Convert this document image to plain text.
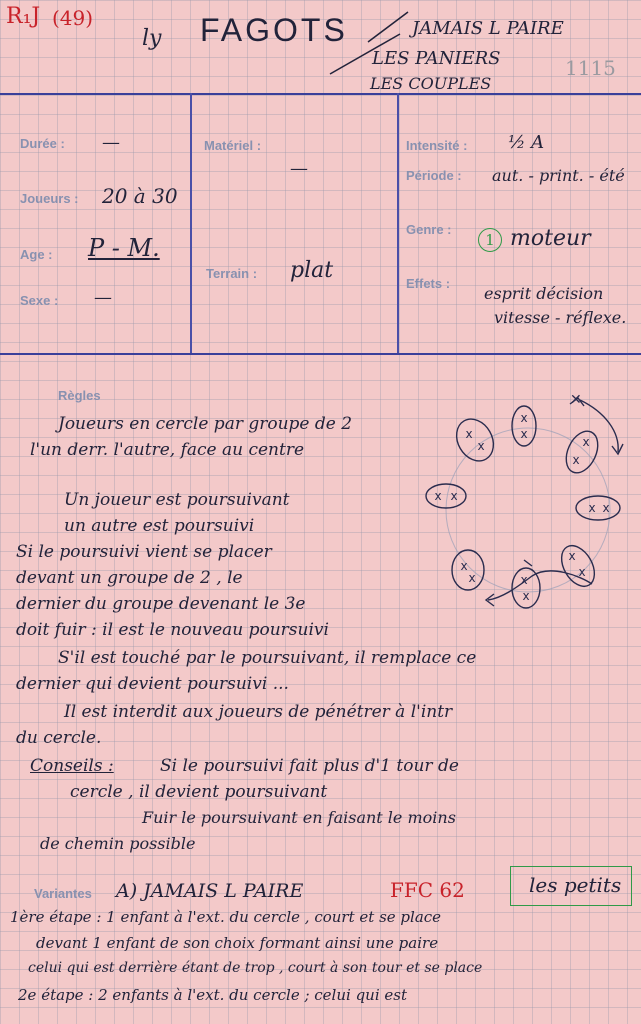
R₁J (49)
ly FAGOTS	JAMAIS L PAIRE
LES PANIERS
LES COUPLES
1115
Durée : —
Joueurs : 20 à 30
Age : P - M.
Sexe : —
Matériel :
—
Terrain : plat
Intensité : ½ A
Période : aut. - print. - été
Genre :
1 moteur
Effets :
esprit décision
vitesse - réflexe.
Règles
Joueurs en cercle par groupe de 2
l'un derr. l'autre, face au centre
Un joueur est poursuivant
un autre est poursuivi
Si le poursuivi vient se placer
devant un groupe de 2 , le
dernier du groupe devenant le 3e
doit fuir : il est le nouveau poursuivi
S'il est touché par le poursuivant, il remplace ce
dernier qui devient poursuivi ...
Il est interdit aux joueurs de pénétrer à l'intr
du cercle.
x
x
x
x
x
x
x x
x x
x
x
x
x
x
x
✕
Conseils :	Si le poursuivi fait plus d'1 tour de
cercle , il devient poursuivant
Fuir le poursuivant en faisant le moins
de chemin possible
Variantes A) JAMAIS L PAIRE	FFC 62	les petits
1ère étape : 1 enfant à l'ext. du cercle , court et se place
devant 1 enfant de son choix formant ainsi une paire
celui qui est derrière étant de trop , court à son tour et se place
2e étape : 2 enfants à l'ext. du cercle ; celui qui est
